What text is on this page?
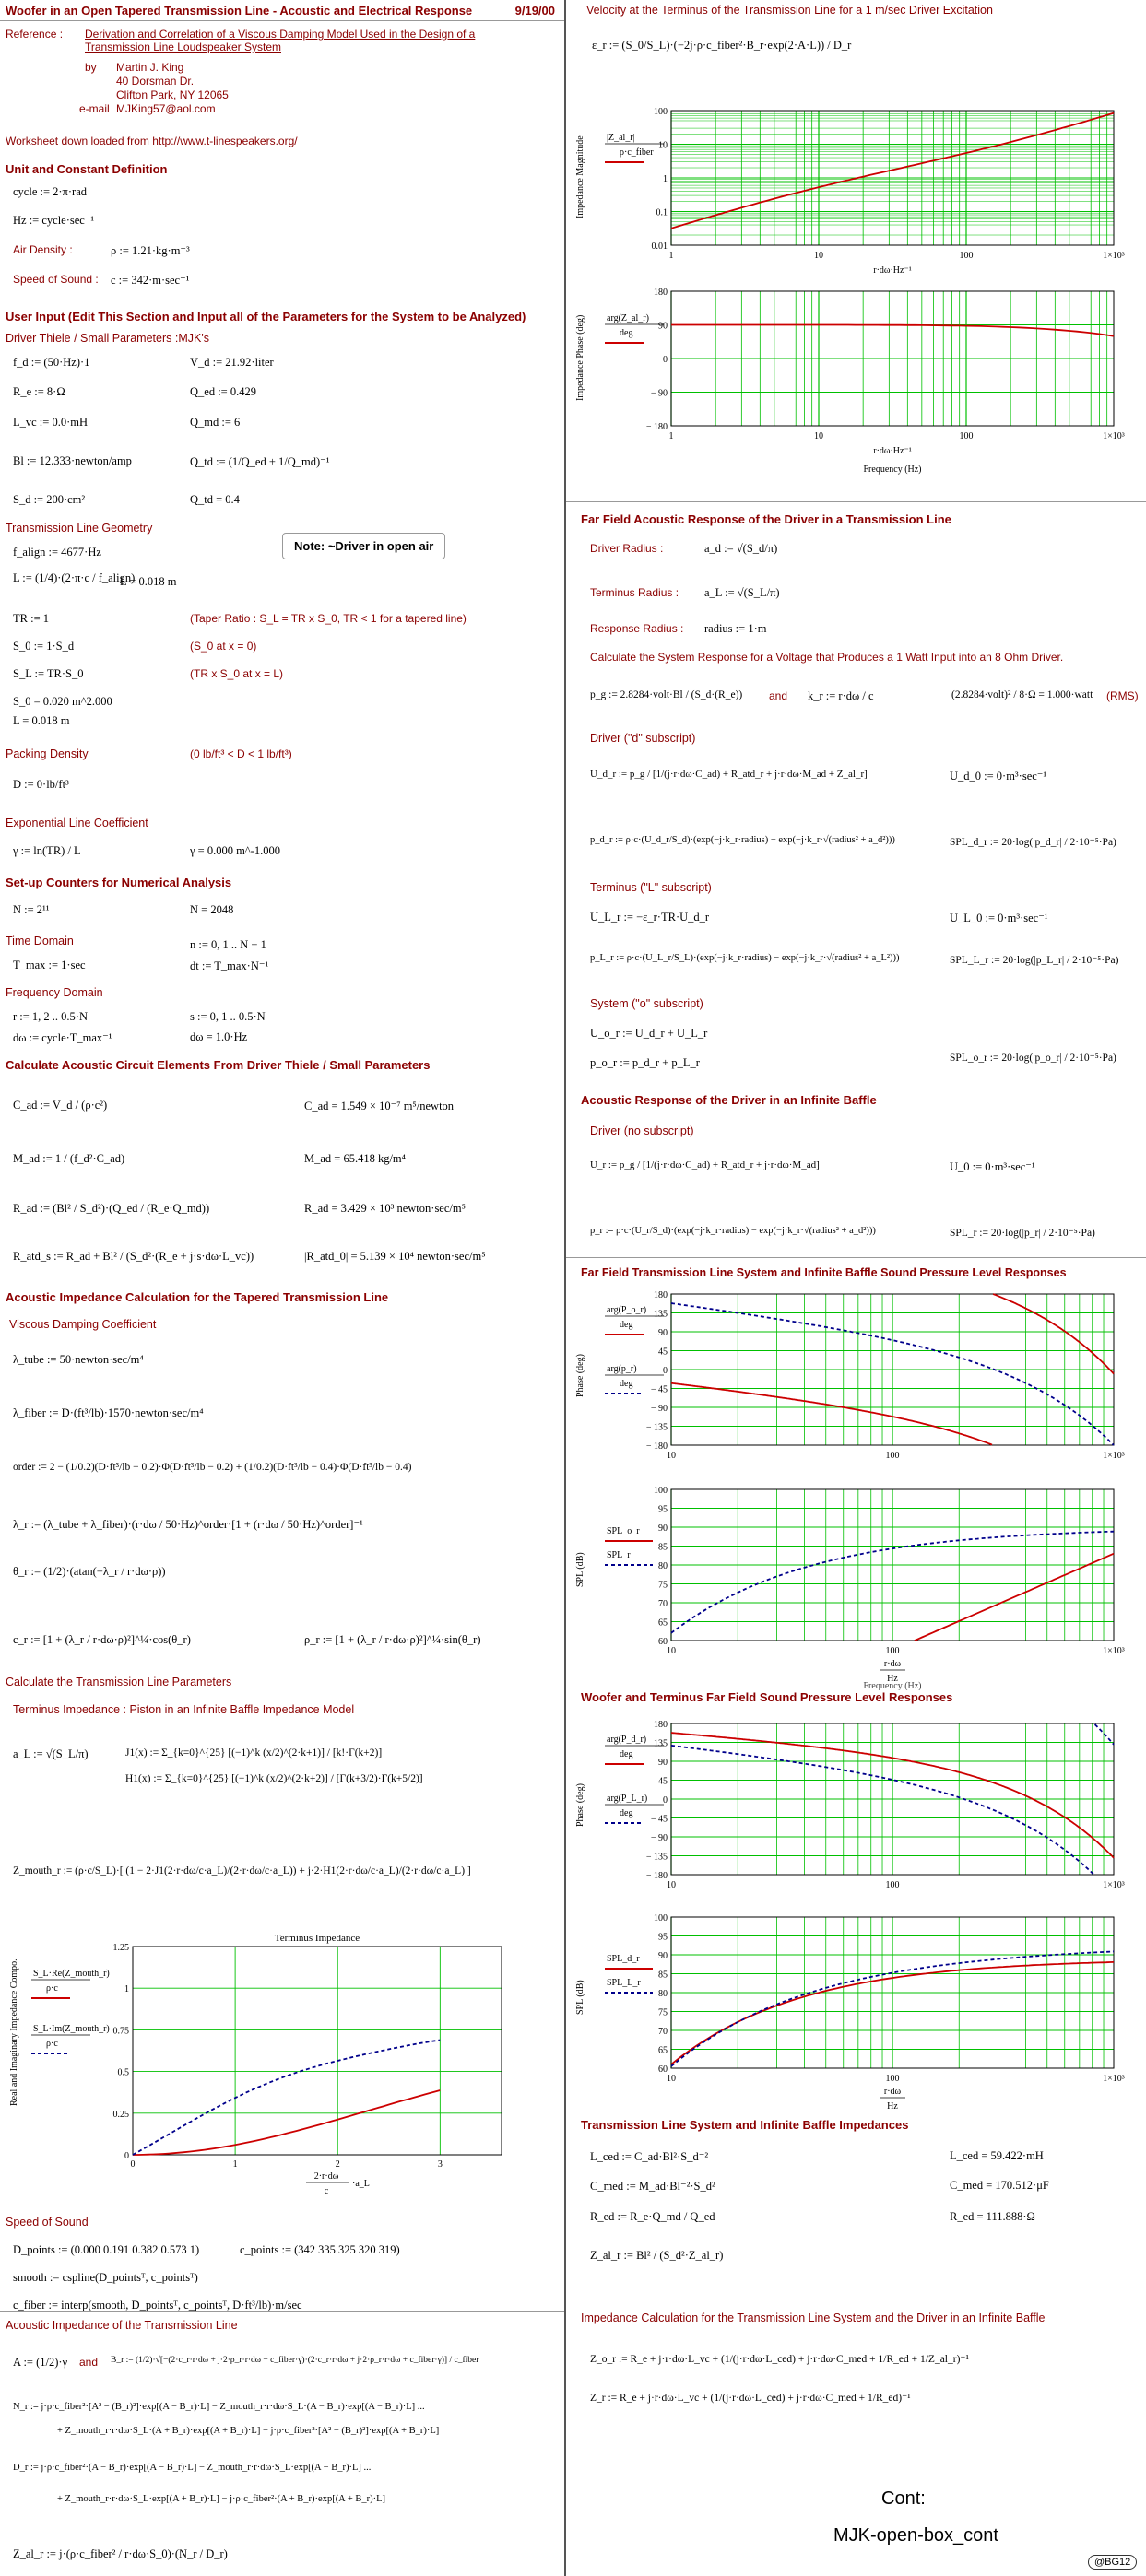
Woofer in an Open Tapered Transmission Line - Acoustic and Electrical Response	9/19/00
Reference : Derivation and Correlation of a Viscous Damping Model Used in the Design of a
Transmission Line Loudspeaker System
by Martin J. King
40 Dorsman Dr.
Clifton Park, NY 12065
e-mail MJKing57@aol.com
Worksheet down loaded from http://www.t-linespeakers.org/
Unit and Constant Definition
cycle := 2·π·rad
Hz := cycle·sec⁻¹
Air Density :	ρ := 1.21·kg·m⁻³
Speed of Sound : c := 342·m·sec⁻¹
User Input (Edit This Section and Input all of the Parameters for the System to be Analyzed)
Driver Thiele / Small Parameters :MJK's
f_d := (50·Hz)·1	V_d := 21.92·liter
R_e := 8·Ω	Q_ed := 0.429
L_vc := 0.0·mH	Q_md := 6
Bl := 12.333·newton/amp	Q_td := (1/Q_ed + 1/Q_md)⁻¹
S_d := 200·cm²	Q_td = 0.4
Transmission Line Geometry
Note: ~Driver in open air
f_align := 4677·Hz
L := (1/4)·(2·π·c / f_align)
L = 0.018 m
TR := 1	(Taper Ratio : S_L = TR x S_0, TR < 1 for a tapered line)
S_0 := 1·S_d	(S_0 at x = 0)
S_L := TR·S_0	(TR x S_0 at x = L)
S_0 = 0.020 m^2.000
L = 0.018 m
Packing Density	(0 lb/ft³ < D < 1 lb/ft³)
D := 0·lb/ft³
Exponential Line Coefficient
γ := ln(TR) / L	γ = 0.000 m^-1.000
Set-up Counters for Numerical Analysis
N := 2¹¹	N = 2048
Time Domain	n := 0, 1 .. N − 1
T_max := 1·sec	dt := T_max·N⁻¹
Frequency Domain
r := 1, 2 .. 0.5·N	s := 0, 1 .. 0.5·N
dω := cycle·T_max⁻¹	dω = 1.0·Hz
Calculate Acoustic Circuit Elements From Driver Thiele / Small Parameters
C_ad := V_d / (ρ·c²)	C_ad = 1.549 × 10⁻⁷ m⁵/newton
M_ad := 1 / (f_d²·C_ad)	M_ad = 65.418 kg/m⁴
R_ad := (Bl² / S_d²)·(Q_ed / (R_e·Q_md))	R_ad = 3.429 × 10³ newton·sec/m⁵
R_atd_s := R_ad + Bl² / (S_d²·(R_e + j·s·dω·L_vc))	|R_atd_0| = 5.139 × 10⁴ newton·sec/m⁵
Acoustic Impedance Calculation for the Tapered Transmission Line
Viscous Damping Coefficient
λ_tube := 50·newton·sec/m⁴
λ_fiber := D·(ft³/lb)·1570·newton·sec/m⁴
order := 2 − (1/0.2)(D·ft³/lb − 0.2)·Φ(D·ft³/lb − 0.2) + (1/0.2)(D·ft³/lb − 0.4)·Φ(D·ft³/lb − 0.4)
λ_r := (λ_tube + λ_fiber)·(r·dω / 50·Hz)^order·[1 + (r·dω / 50·Hz)^order]⁻¹
θ_r := (1/2)·(atan(−λ_r / r·dω·ρ))
c_r := [1 + (λ_r / r·dω·ρ)²]^¼·cos(θ_r)	ρ_r := [1 + (λ_r / r·dω·ρ)²]^¼·sin(θ_r)
Calculate the Transmission Line Parameters
Terminus Impedance : Piston in an Infinite Baffle Impedance Model
a_L := √(S_L/π)	J1(x) := Σ_{k=0}^{25} [(−1)^k (x/2)^(2·k+1)] / [k!·Γ(k+2)]
H1(x) := Σ_{k=0}^{25} [(−1)^k (x/2)^(2·k+2)] / [Γ(k+3/2)·Γ(k+5/2)]
Z_mouth_r := (ρ·c/S_L)·[ (1 − 2·J1(2·r·dω/c·a_L)/(2·r·dω/c·a_L)) + j·2·H1(2·r·dω/c·a_L)/(2·r·dω/c·a_L) ]
Terminus Impedance
0	1	2	3
1.25
1
0.75
0.5
0.25
0
Real and Imaginary Impedance Compo. S_L·Re(Z_mouth_r)
ρ·c
S_L·Im(Z_mouth_r)
ρ·c
2·r·dω
c
·a_L
Speed of Sound
D_points := (0.000 0.191 0.382 0.573 1)	c_points := (342 335 325 320 319)
smooth := cspline(D_pointsᵀ, c_pointsᵀ)
c_fiber := interp(smooth, D_pointsᵀ, c_pointsᵀ, D·ft³/lb)·m/sec
Acoustic Impedance of the Transmission Line
A := (1/2)·γ and B_r := (1/2)·√[−(2·c_r·r·dω + j·2·ρ_r·r·dω − c_fiber·γ)·(2·c_r·r·dω + j·2·ρ_r·r·dω + c_fiber·γ)] / c_fiber
N_r := j·ρ·c_fiber²·[A² − (B_r)²]·exp[(A − B_r)·L] − Z_mouth_r·r·dω·S_L·(A − B_r)·exp[(A − B_r)·L] ...
+ Z_mouth_r·r·dω·S_L·(A + B_r)·exp[(A + B_r)·L] − j·ρ·c_fiber²·[A² − (B_r)²]·exp[(A + B_r)·L]
D_r := j·ρ·c_fiber²·(A − B_r)·exp[(A − B_r)·L] − Z_mouth_r·r·dω·S_L·exp[(A − B_r)·L] ...
+ Z_mouth_r·r·dω·S_L·exp[(A + B_r)·L] − j·ρ·c_fiber²·(A + B_r)·exp[(A + B_r)·L]
Z_al_r := j·(ρ·c_fiber² / r·dω·S_0)·(N_r / D_r)
Velocity at the Terminus of the Transmission Line for a 1 m/sec Driver Excitation
ε_r := (S_0/S_L)·(−2j·ρ·c_fiber²·B_r·exp(2·A·L)) / D_r
100
10
1
0.1
0.01
1	10	100	1×10³
Impedance Magnitude |Z_al_r|
ρ·c_fiber
r·dω·Hz⁻¹
180
90
0
− 90
− 180
1	10	100	1×10³
Impedance Phase (deg) arg(Z_al_r)
deg
r·dω·Hz⁻¹
Frequency (Hz)
Far Field Acoustic Response of the Driver in a Transmission Line
Driver Radius :	a_d := √(S_d/π)
Terminus Radius : a_L := √(S_L/π)
Response Radius : radius := 1·m
Calculate the System Response for a Voltage that Produces a 1 Watt Input into an 8 Ohm Driver.
p_g := 2.8284·volt·Bl / (S_d·(R_e)) and k_r := r·dω / c	(2.8284·volt)² / 8·Ω = 1.000·watt (RMS)
Driver ("d" subscript)
U_d_r := p_g / [1/(j·r·dω·C_ad) + R_atd_r + j·r·dω·M_ad + Z_al_r]	U_d_0 := 0·m³·sec⁻¹
p_d_r := ρ·c·(U_d_r/S_d)·(exp(−j·k_r·radius) − exp(−j·k_r·√(radius² + a_d²)))	SPL_d_r := 20·log(|p_d_r| / 2·10⁻⁵·Pa)
Terminus ("L" subscript)
U_L_r := −ε_r·TR·U_d_r	U_L_0 := 0·m³·sec⁻¹
p_L_r := ρ·c·(U_L_r/S_L)·(exp(−j·k_r·radius) − exp(−j·k_r·√(radius² + a_L²)))	SPL_L_r := 20·log(|p_L_r| / 2·10⁻⁵·Pa)
System ("o" subscript)
U_o_r := U_d_r + U_L_r
p_o_r := p_d_r + p_L_r	SPL_o_r := 20·log(|p_o_r| / 2·10⁻⁵·Pa)
Acoustic Response of the Driver in an Infinite Baffle
Driver (no subscript)
U_r := p_g / [1/(j·r·dω·C_ad) + R_atd_r + j·r·dω·M_ad]	U_0 := 0·m³·sec⁻¹
p_r := ρ·c·(U_r/S_d)·(exp(−j·k_r·radius) − exp(−j·k_r·√(radius² + a_d²)))	SPL_r := 20·log(|p_r| / 2·10⁻⁵·Pa)
Far Field Transmission Line System and Infinite Baffle Sound Pressure Level Responses
180
135
90
45
0
− 45
− 90
− 135
− 180
10	100	1×10³
Phase (deg)
arg(P_o_r)
deg
arg(p_r)
deg
100
95
90
85
80
75
70
65
60
10	100	1×10³
SPL (dB)
SPL_o_r
SPL_r
r·dω
Hz
Frequency (Hz)
Woofer and Terminus Far Field Sound Pressure Level Responses
180
135
90
45
0
− 45
− 90
− 135
− 180
10	100	1×10³
Phase (deg)
arg(P_d_r)
deg
arg(P_L_r)
deg
100
95
90
85
80
75
70
65
60
10	100	1×10³
SPL (dB)
SPL_d_r
SPL_L_r
r·dω
Hz
Transmission Line System and Infinite Baffle Impedances
L_ced := C_ad·Bl²·S_d⁻²	L_ced = 59.422·mH
C_med := M_ad·Bl⁻²·S_d²	C_med = 170.512·μF
R_ed := R_e·Q_md / Q_ed	R_ed = 111.888·Ω
Z_al_r := Bl² / (S_d²·Z_al_r)
Impedance Calculation for the Transmission Line System and the Driver in an Infinite Baffle
Z_o_r := R_e + j·r·dω·L_vc + (1/(j·r·dω·L_ced) + j·r·dω·C_med + 1/R_ed + 1/Z_al_r)⁻¹
Z_r := R_e + j·r·dω·L_vc + (1/(j·r·dω·L_ced) + j·r·dω·C_med + 1/R_ed)⁻¹
Cont:
MJK-open-box_cont
@BG12
